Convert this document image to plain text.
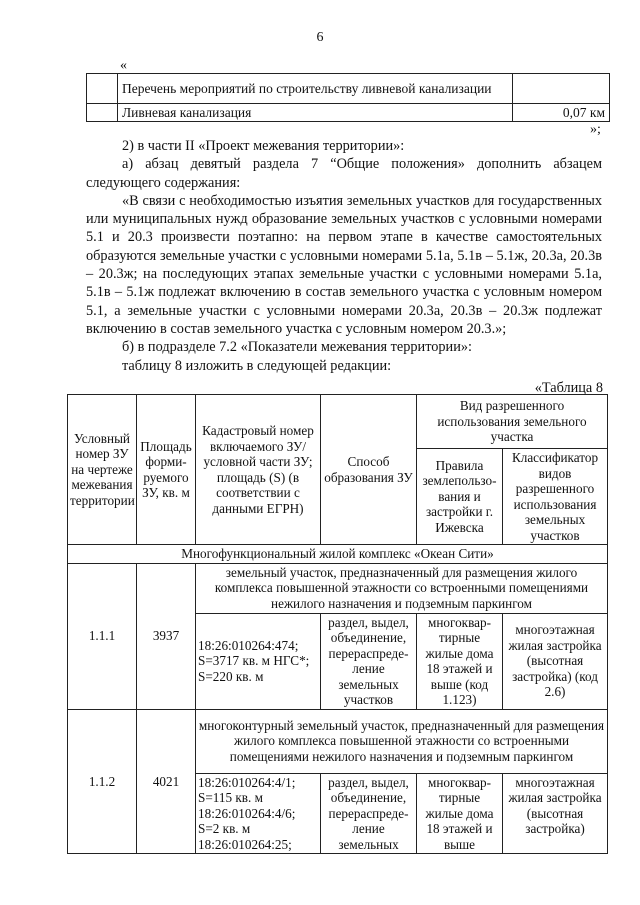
6
«
	Перечень мероприятий по строительству ливневой канализации	
	Ливневая канализация	0,07 км
»;

2) в части II «Проект межевания территории»:

а) абзац девятый раздела 7 “Общие положения» дополнить абзацем следующего содержания:

«В связи с необходимостью изъятия земельных участков для государственных или муниципальных нужд образование земельных участков с условными номерами 5.1 и 20.3 произвести поэтапно: на первом этапе в качестве самостоятельных образуются земельные участки с условными номерами 5.1а, 5.1в – 5.1ж, 20.3а, 20.3в – 20.3ж; на последующих этапах земельные участки с условными номерами 5.1а, 5.1в – 5.1ж подлежат включению в состав земельного участка с условным номером 5.1, а земельные участки с условными номерами 20.3а, 20.3в – 20.3ж подлежат включению в состав земельного участка с условным номером 20.3.»;

б) в подразделе 7.2 «Показатели межевания территории»:

таблицу 8 изложить в следующей редакции:

«Таблица 8
Условный номер ЗУ на чертеже межевания территории	Площадь форми-руемого ЗУ, кв. м	Кадастровый номер включаемого ЗУ/ условной части ЗУ; площадь (S) (в соответствии с данными ЕГРН)	Способ образования ЗУ	Вид разрешенного использования земельного участка	
				Правила землепользо-вания и застройки г. Ижевска	Классификатор видов разрешенного использования земельных участков
Многофункциональный жилой комплекс «Океан Сити»					
1.1.1	3937	земельный участок, предназначенный для размещения жилого комплекса повышенной этажности со встроенными помещениями нежилого назначения и подземным паркингом			
		18:26:010264:474; S=3717 кв. м НГС*; S=220 кв. м	раздел, выдел, объединение, перераспреде-ление земельных участков	многоквар-тирные жилые дома 18 этажей и выше (код 1.123)	многоэтажная жилая застройка (высотная застройка) (код 2.6)
1.1.2	4021	многоконтурный земельный участок, предназначенный для размещения жилого комплекса повышенной этажности со встроенными помещениями нежилого назначения и подземным паркингом			
		18:26:010264:4/1; S=115 кв. м 18:26:010264:4/6; S=2 кв. м 18:26:010264:25;	раздел, выдел, объединение, перераспреде-ление земельных	многоквар-тирные жилые дома 18 этажей и выше	многоэтажная жилая застройка (высотная застройка)
